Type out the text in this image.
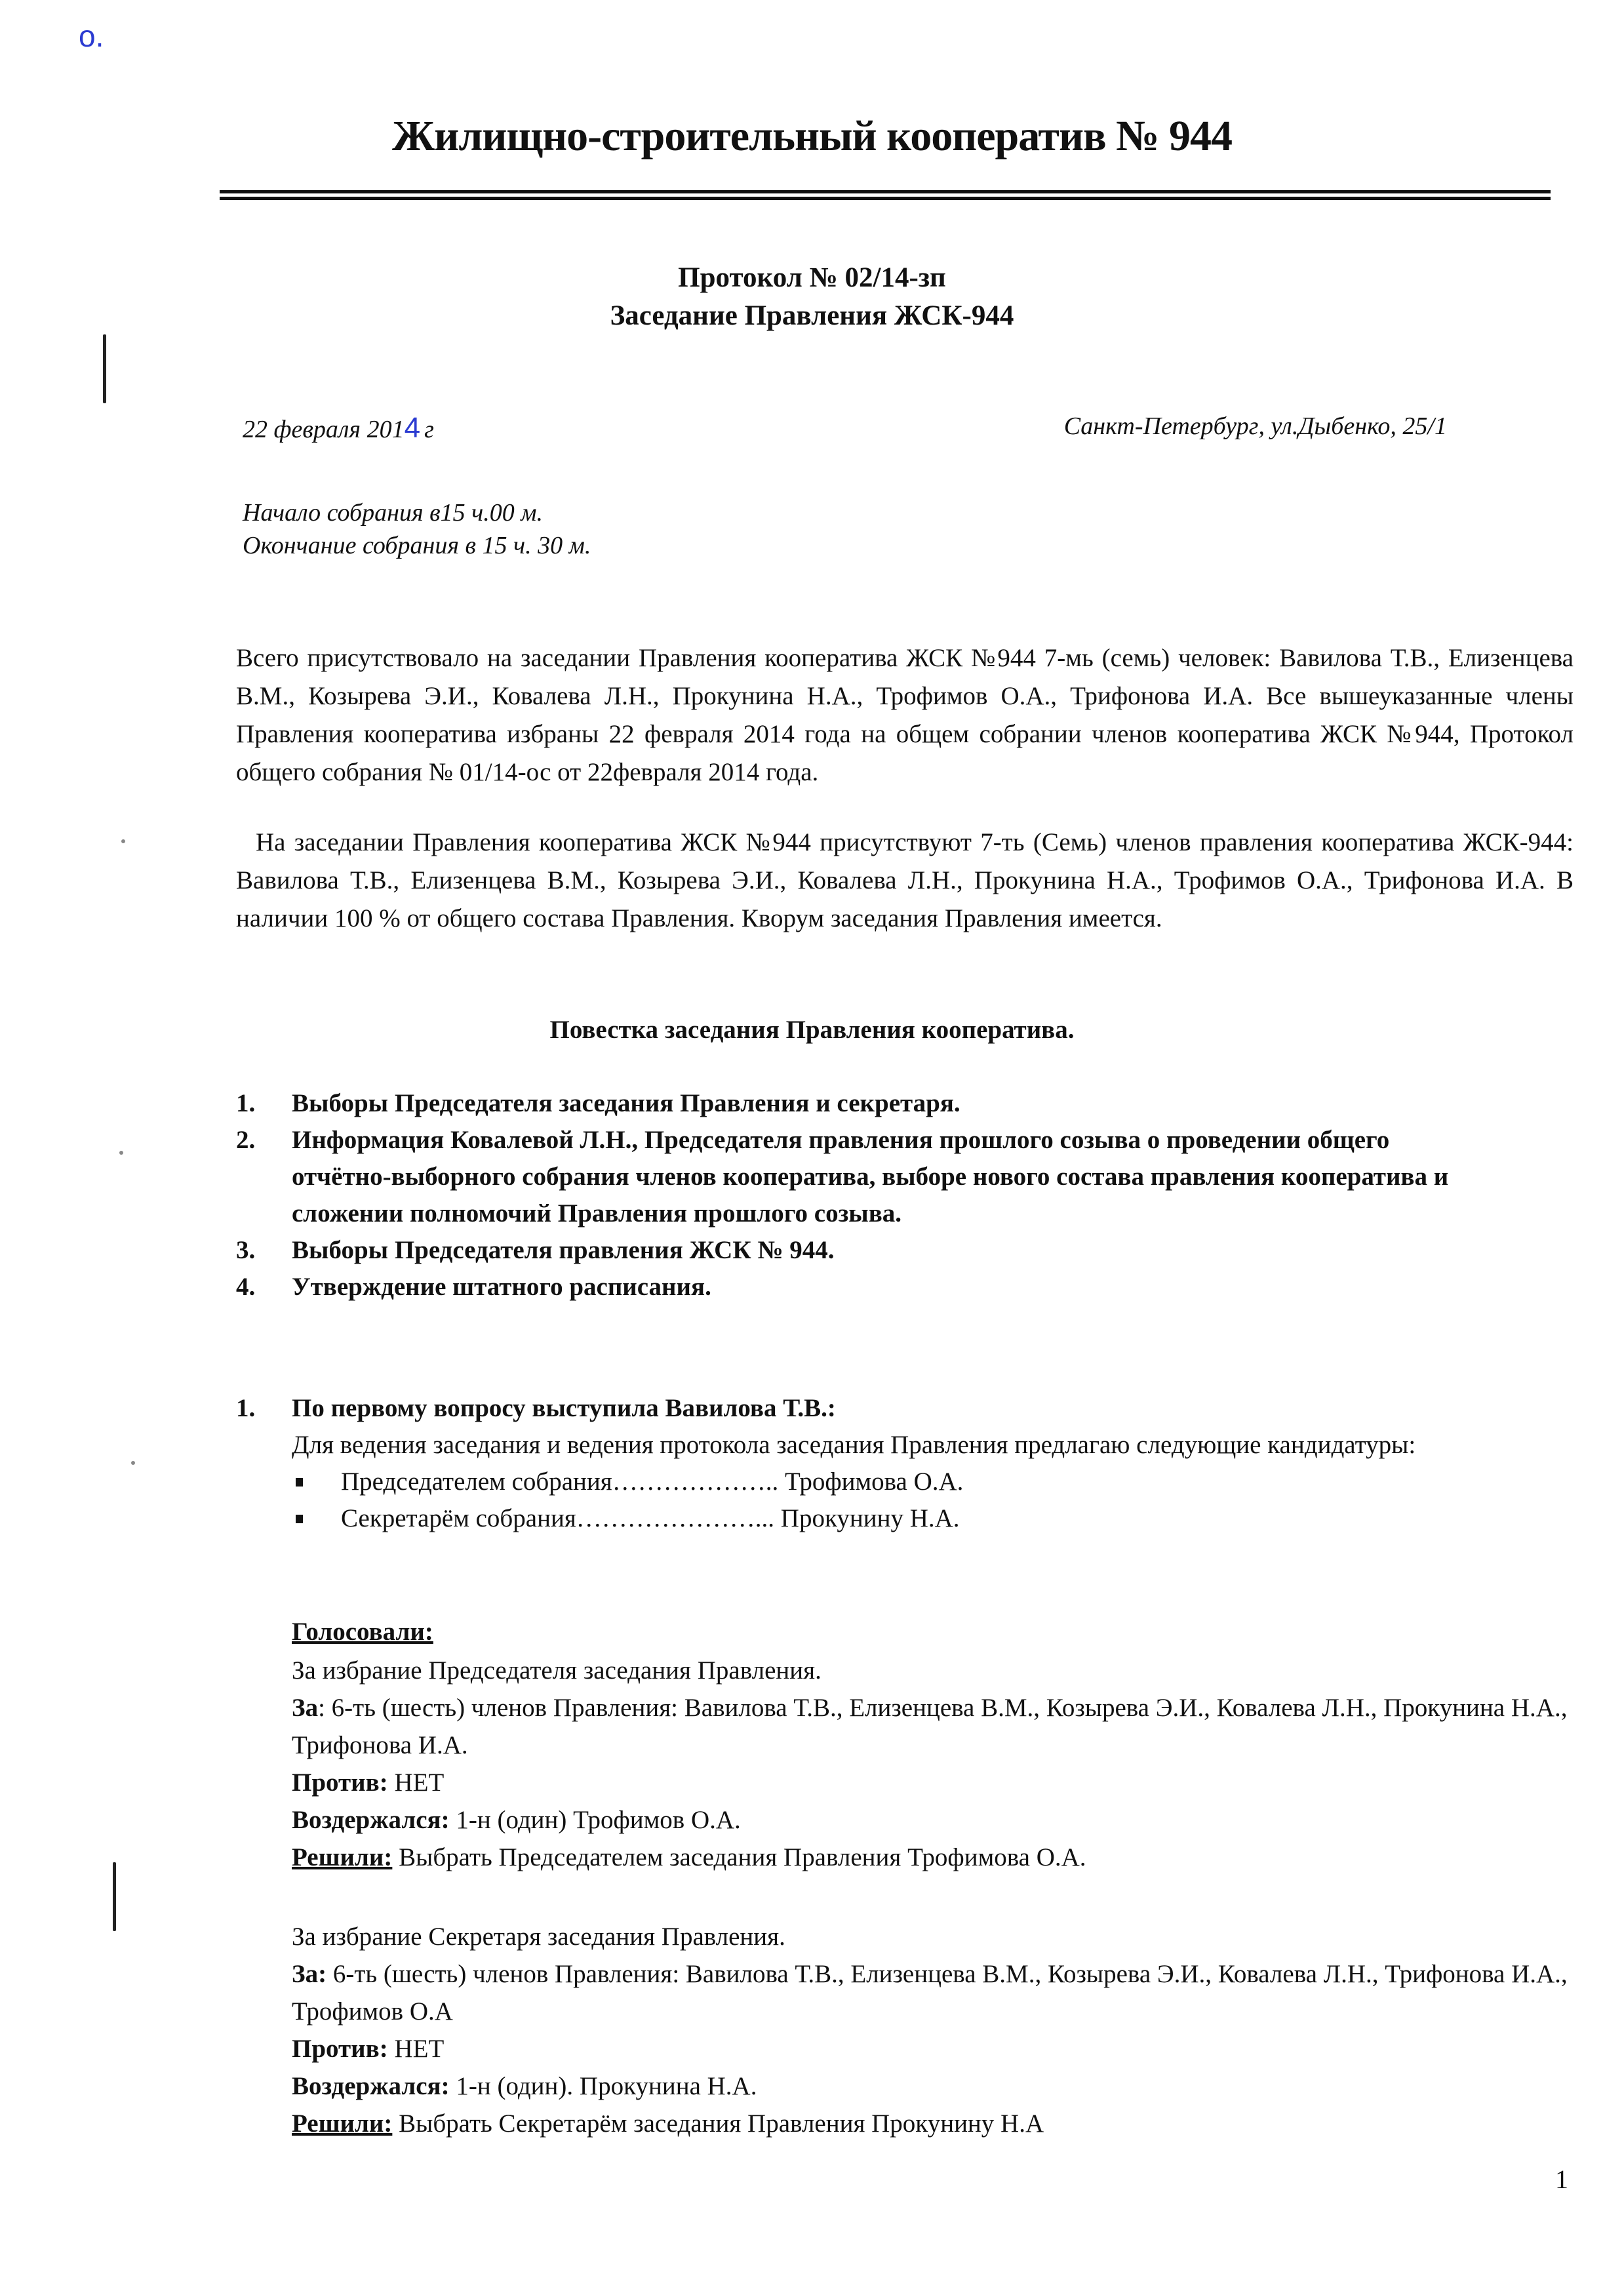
о.
Жилищно-строительный кооператив № 944
Протокол № 02/14-зп
Заседание Правления ЖСК-944
22 февраля 2014 г	Санкт-Петербург, ул.Дыбенко, 25/1
Начало собрания в15 ч.00 м.
Окончание собрания в 15 ч. 30 м.
Всего присутствовало на заседании Правления кооператива ЖСК №944 7-мь (семь) человек: Вавилова Т.В., Елизенцева В.М., Козырева Э.И., Ковалева Л.Н., Прокунина Н.А., Трофимов О.А., Трифонова И.А. Все вышеуказанные члены Правления кооператива избраны 22 февраля 2014 года на общем собрании членов кооператива ЖСК №944, Протокол общего собрания № 01/14-ос от 22февраля 2014 года.
На заседании Правления кооператива ЖСК №944 присутствуют 7-ть (Семь) членов правления кооператива ЖСК-944: Вавилова Т.В., Елизенцева В.М., Козырева Э.И., Ковалева Л.Н., Прокунина Н.А., Трофимов О.А., Трифонова И.А. В наличии 100 % от общего состава Правления. Кворум заседания Правления имеется.
Повестка заседания Правления кооператива.
1. Выборы Председателя заседания Правления и секретаря.
2. Информация Ковалевой Л.Н., Председателя правления прошлого созыва о проведении общего отчётно-выборного собрания членов кооператива, выборе нового состава правления кооператива и сложении полномочий Правления прошлого созыва.
3. Выборы Председателя правления ЖСК № 944.
4. Утверждение штатного расписания.
1. По первому вопросу выступила Вавилова Т.В.:
Для ведения заседания и ведения протокола заседания Правления предлагаю следующие кандидатуры:
Председателем собрания……………….. Трофимова О.А.
Секретарём собрания…………………... Прокунину Н.А.
Голосовали:
За избрание Председателя заседания Правления.
За: 6-ть (шесть) членов Правления: Вавилова Т.В., Елизенцева В.М., Козырева Э.И., Ковалева Л.Н., Прокунина Н.А., Трифонова И.А.
Против: НЕТ
Воздержался: 1-н (один) Трофимов О.А.
Решили: Выбрать Председателем заседания Правления Трофимова О.А.
За избрание Секретаря заседания Правления.
За: 6-ть (шесть) членов Правления: Вавилова Т.В., Елизенцева В.М., Козырева Э.И., Ковалева Л.Н., Трифонова И.А., Трофимов О.А
Против: НЕТ
Воздержался: 1-н (один). Прокунина Н.А.
Решили: Выбрать Секретарём заседания Правления Прокунину Н.А
1
